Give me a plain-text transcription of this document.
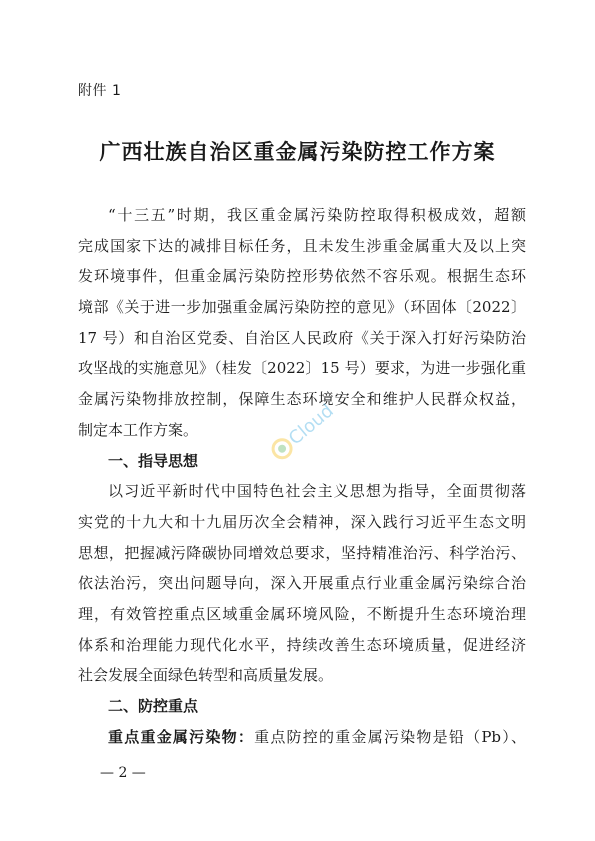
附件 1
广西壮族自治区重金属污染防控工作方案
“十三五”时期，我区重金属污染防控取得积极成效，超额
完成国家下达的减排目标任务，且未发生涉重金属重大及以上突
发环境事件，但重金属污染防控形势依然不容乐观。根据生态环
境部《关于进一步加强重金属污染防控的意见》（环固体〔2022〕
17 号）和自治区党委、自治区人民政府《关于深入打好污染防治
攻坚战的实施意见》（桂发〔2022〕15 号）要求，为进一步强化重
金属污染物排放控制，保障生态环境安全和维护人民群众权益，
制定本工作方案。
一、指导思想
以习近平新时代中国特色社会主义思想为指导，全面贯彻落
实党的十九大和十九届历次全会精神，深入践行习近平生态文明
思想，把握减污降碳协同增效总要求，坚持精准治污、科学治污、
依法治污，突出问题导向，深入开展重点行业重金属污染综合治
理，有效管控重点区域重金属环境风险，不断提升生态环境治理
体系和治理能力现代化水平，持续改善生态环境质量，促进经济
社会发展全面绿色转型和高质量发展。
二、防控重点
重点重金属污染物：重点防控的重金属污染物是铅（Pb）、
Cloud
— 2 —
